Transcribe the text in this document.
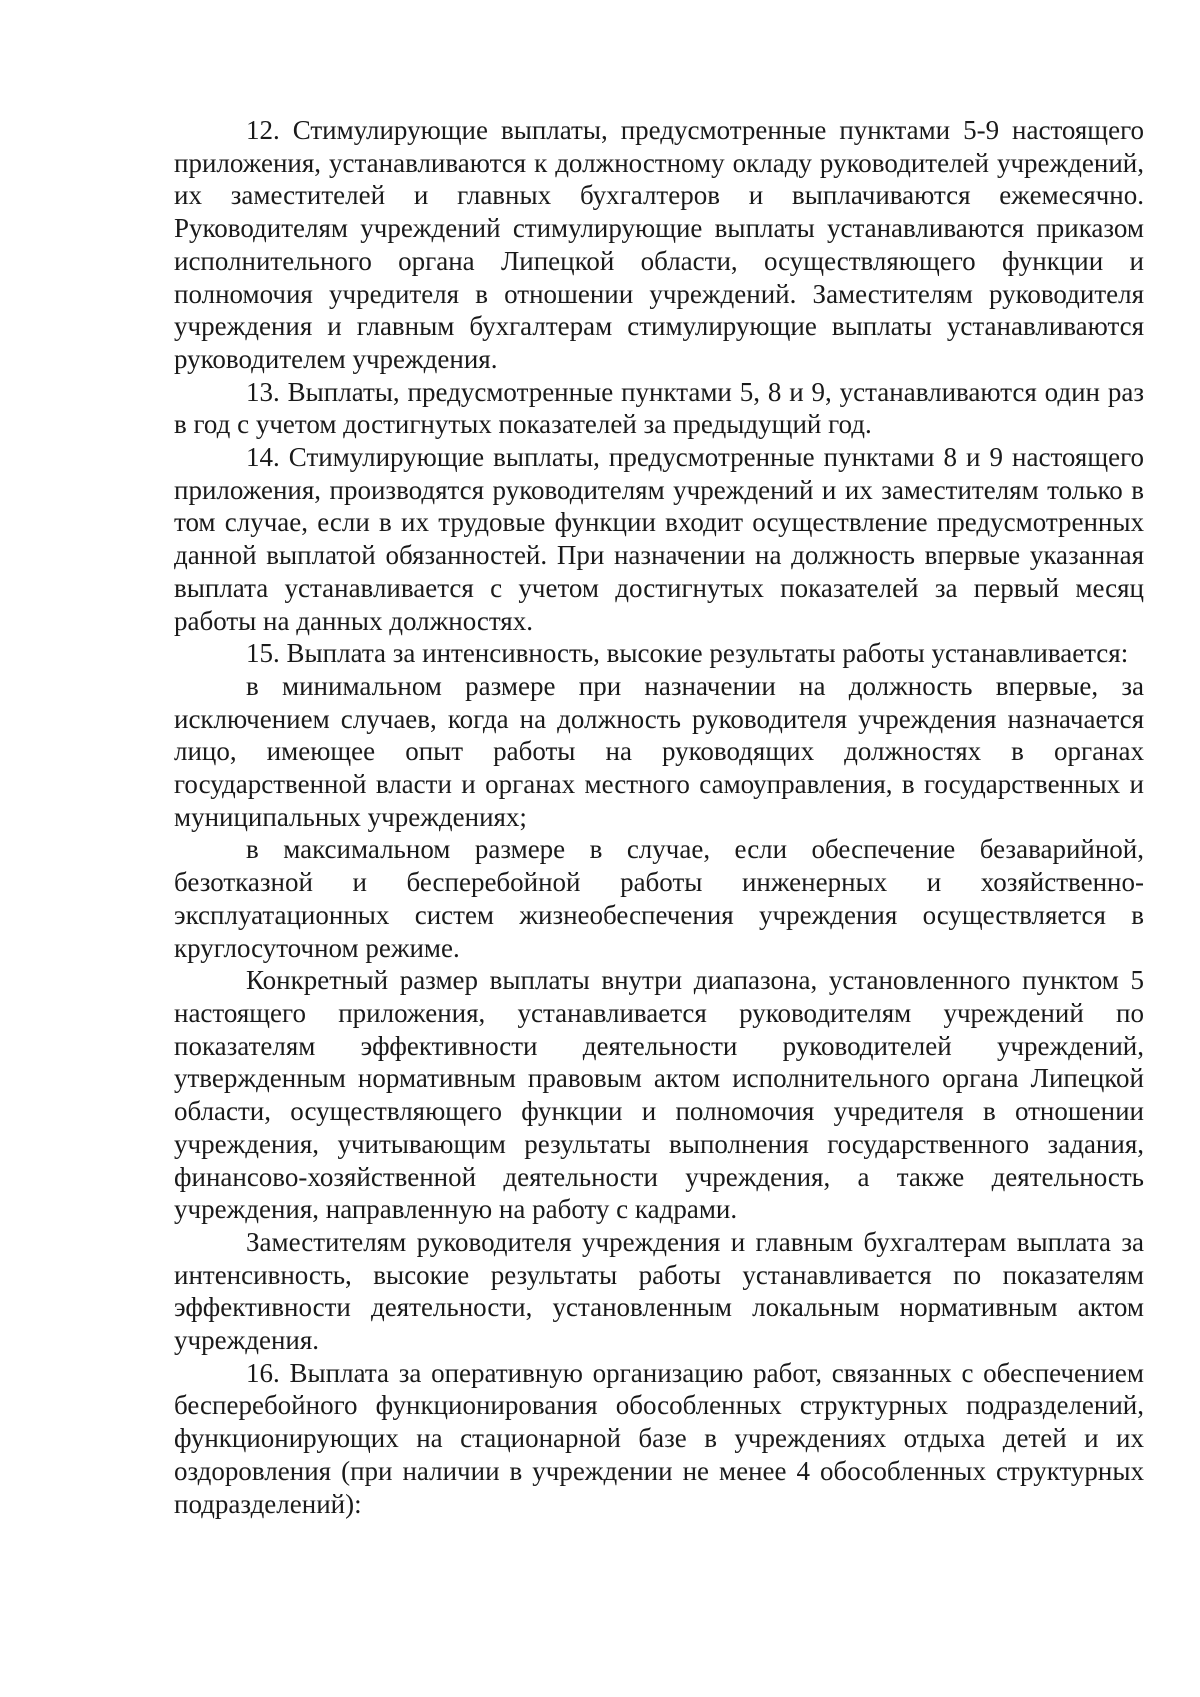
12. Стимулирующие выплаты, предусмотренные пунктами 5-9 настоящего приложения, устанавливаются к должностному окладу руководителей учреждений, их заместителей и главных бухгалтеров и выплачиваются ежемесячно. Руководителям учреждений стимулирующие выплаты устанавливаются приказом исполнительного органа Липецкой области, осуществляющего функции и полномочия учредителя в отношении учреждений. Заместителям руководителя учреждения и главным бухгалтерам стимулирующие выплаты устанавливаются руководителем учреждения.

13. Выплаты, предусмотренные пунктами 5, 8 и 9, устанавливаются один раз в год с учетом достигнутых показателей за предыдущий год.

14. Стимулирующие выплаты, предусмотренные пунктами 8 и 9 настоящего приложения, производятся руководителям учреждений и их заместителям только в том случае, если в их трудовые функции входит осуществление предусмотренных данной выплатой обязанностей. При назначении на должность впервые указанная выплата устанавливается с учетом достигнутых показателей за первый месяц работы на данных должностях.

15. Выплата за интенсивность, высокие результаты работы устанавливается:

в минимальном размере при назначении на должность впервые, за исключением случаев, когда на должность руководителя учреждения назначается лицо, имеющее опыт работы на руководящих должностях в органах государственной власти и органах местного самоуправления, в государственных и муниципальных учреждениях;

в максимальном размере в случае, если обеспечение безаварийной, безотказной и бесперебойной работы инженерных и хозяйственно-эксплуатационных систем жизнеобеспечения учреждения осуществляется в круглосуточном режиме.

Конкретный размер выплаты внутри диапазона, установленного пунктом 5 настоящего приложения, устанавливается руководителям учреждений по показателям эффективности деятельности руководителей учреждений, утвержденным нормативным правовым актом исполнительного органа Липецкой области, осуществляющего функции и полномочия учредителя в отношении учреждения, учитывающим результаты выполнения государственного задания, финансово-хозяйственной деятельности учреждения, а также деятельность учреждения, направленную на работу с кадрами.

Заместителям руководителя учреждения и главным бухгалтерам выплата за интенсивность, высокие результаты работы устанавливается по показателям эффективности деятельности, установленным локальным нормативным актом учреждения.

16. Выплата за оперативную организацию работ, связанных с обеспечением бесперебойного функционирования обособленных структурных подразделений, функционирующих на стационарной базе в учреждениях отдыха детей и их оздоровления (при наличии в учреждении не менее 4 обособленных структурных подразделений):
